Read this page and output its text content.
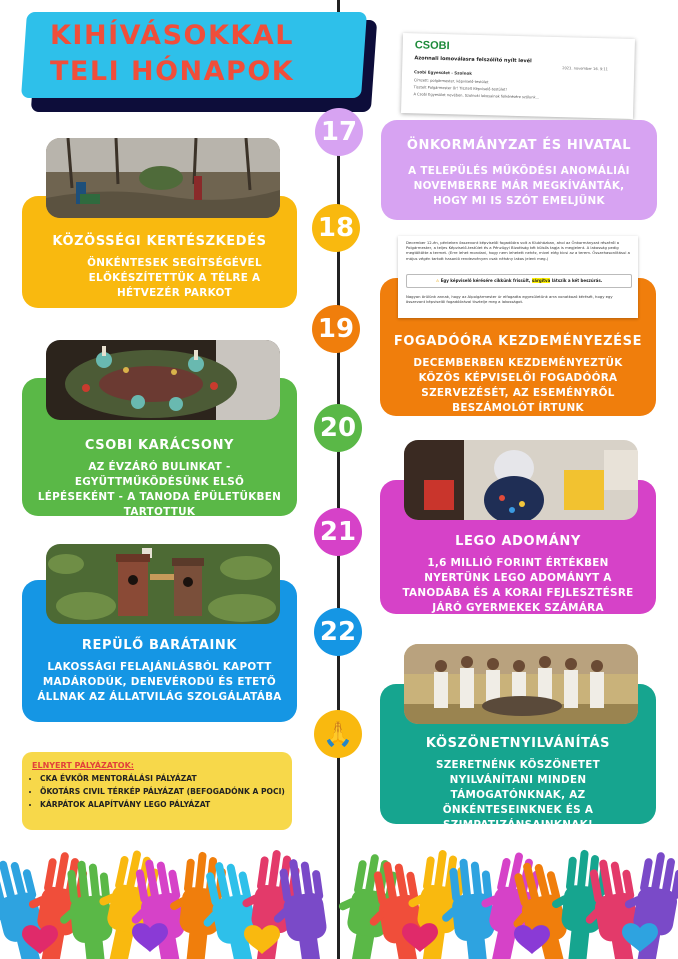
KIHÍVÁSOKKAL
TELI HÓNAPOK
CSOBI
Azonnali lomoválasra felszólító nyílt levél
2023. november 16. 9:11
Csobi Egyesület - Szolnok
Címzett: polgármester, képviselő-testület
Tisztelt Polgármester Úr! Tisztelt Képviselő-testület!
A Csobi Egyesület nevében, Szolnoki lakosainak felkérésére szólunk...
ÖNKORMÁNYZAT ÉS HIVATAL
A TELEPÜLÉS MŰKÖDÉSI ANOMÁLIÁI NOVEMBERRE MÁR MEGKÍVÁNTÁK, HOGY MI IS SZÓT EMELJÜNK
17
KÖZÖSSÉGI KERTÉSZKEDÉS
ÖNKÉNTESEK SEGÍTSÉGÉVEL ELŐKÉSZÍTETTÜK A TÉLRE A HÉTVEZÉR PARKOT
18
FOGADÓÓRA KEZDEMÉNYEZÉSE
DECEMBERBEN KEZDEMÉNYEZTÜK KÖZÖS KÉPVISELŐI FOGADÓÓRA SZERVEZÉSÉT, AZ ESEMÉNYRŐL BESZÁMOLÓT ÍRTUNK
December 12-én, pénteken összevont képviselői fogadóóra volt a Klubházban, ahol az Önkormányzat részéről a Polgármester, a teljes Képviselő-testület és a Pénzügyi Bizottság két külsős tagja is megjelent. A lakosság pedig megtöltötte a termet. (Erre lehet mondani, hogy nem lehetett nehéz, mivel elég kicsi az a terem. Összehasonlításul a május végén tartott hasonló rendezvényen csak néhány lakos jelent meg.)
⚠ Egy képviselő kérésére cikkünk frissült, sárgítva látszik a két beszúrás.
Nagyon örülünk annak, hogy az Alpolgármester úr elfogadta egyesületünk arra vonatkozó kérését, hogy egy összevont képviselői fogadóórával tisztelje meg a lakosságot.
19
CSOBI KARÁCSONY
AZ ÉVZÁRÓ BULINKAT - EGYÜTTMŰKÖDÉSÜNK ELSŐ LÉPÉSEKÉNT - A TANODA ÉPÜLETÜKBEN TARTOTTUK
20
LEGO ADOMÁNY
1,6 MILLIÓ FORINT ÉRTÉKBEN NYERTÜNK LEGO ADOMÁNYT A TANODÁBA ÉS A KORAI FEJLESZTÉSRE JÁRÓ GYERMEKEK SZÁMÁRA
21
REPÜLŐ BARÁTAINK
LAKOSSÁGI FELAJÁNLÁSBÓL KAPOTT MADÁRODÚK, DENEVÉRODÚ ÉS ETETŐ ÁLLNAK AZ ÁLLATVILÁG SZOLGÁLATÁBA
22
KÖSZÖNETNYILVÁNÍTÁS
SZERETNÉNK KÖSZÖNETET NYILVÁNÍTANI MINDEN TÁMOGATÓNKNAK, AZ ÖNKÉNTESEINKNEK ÉS A SZIMPATIZÁNSAINKNAK!
🙏
ELNYERT PÁLYÁZATOK:
• CKA ÉVKÖR MENTORÁLÁSI PÁLYÁZAT
• ÖKOTÁRS CIVIL TÉRKÉP PÁLYÁZAT (BEFOGADÓNK A POCI)
• KÁRPÁTOK ALAPÍTVÁNY LEGO PÁLYÁZAT
